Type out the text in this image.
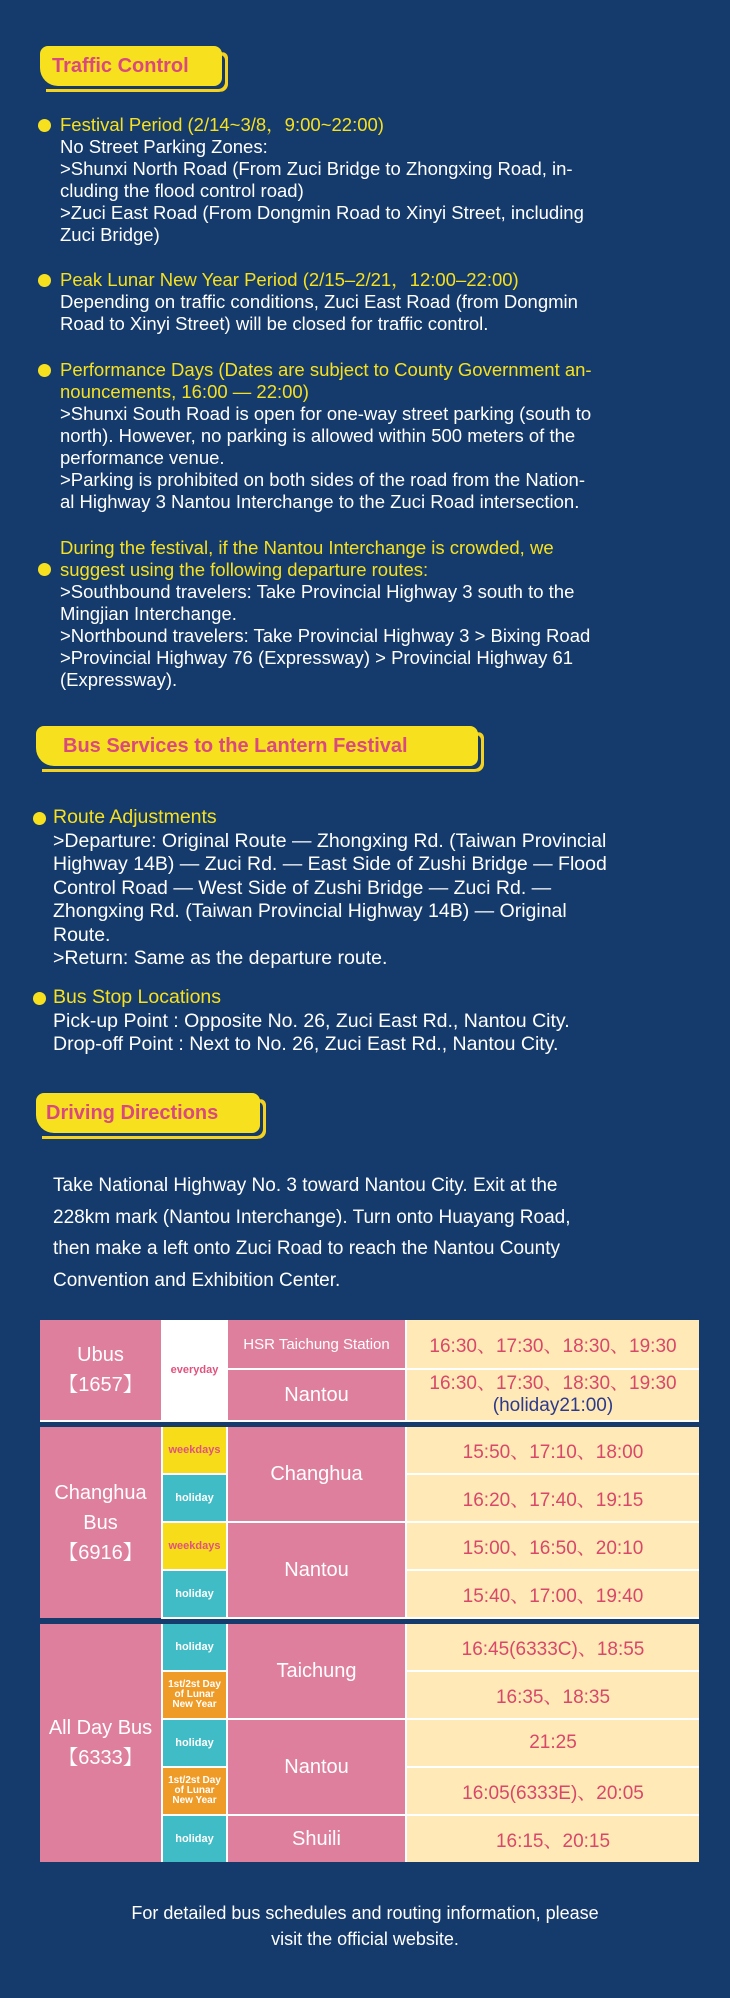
Traffic Control
Festival Period (2/14~3/8，9:00~22:00)
No Street Parking Zones:
>Shunxi North Road (From Zuci Bridge to Zhongxing Road, in-
cluding the flood control road)
>Zuci East Road (From Dongmin Road to Xinyi Street, including
Zuci Bridge)
Peak Lunar New Year Period (2/15–2/21，12:00–22:00)
Depending on traffic conditions, Zuci East Road (from Dongmin
Road to Xinyi Street) will be closed for traffic control.
Performance Days (Dates are subject to County Government an-
nouncements, 16:00 — 22:00)
>Shunxi South Road is open for one-way street parking (south to
north). However, no parking is allowed within 500 meters of the
performance venue.
>Parking is prohibited on both sides of the road from the Nation-
al Highway 3 Nantou Interchange to the Zuci Road intersection.
During the festival, if the Nantou Interchange is crowded, we
suggest using the following departure routes:
>Southbound travelers: Take Provincial Highway 3 south to the
Mingjian Interchange.
>Northbound travelers: Take Provincial Highway 3 > Bixing Road
>Provincial Highway 76 (Expressway) > Provincial Highway 61
(Expressway).
Bus Services to the Lantern Festival
Route Adjustments
>Departure: Original Route — Zhongxing Rd. (Taiwan Provincial
Highway 14B) — Zuci Rd. — East Side of Zushi Bridge — Flood
Control Road — West Side of Zushi Bridge — Zuci Rd. —
Zhongxing Rd. (Taiwan Provincial Highway 14B) — Original
Route.
>Return: Same as the departure route.
Bus Stop Locations
Pick-up Point : Opposite No. 26, Zuci East Rd., Nantou City.
Drop-off Point : Next to No. 26, Zuci East Rd., Nantou City.
Driving Directions
Take National Highway No. 3 toward Nantou City. Exit at the
228km mark (Nantou Interchange). Turn onto Huayang Road,
then make a left onto Zuci Road to reach the Nantou County
Convention and Exhibition Center.
Ubus
【1657】	everyday	HSR Taichung Station	16:30、17:30、18:30、19:30
		Nantou	16:30、17:30、18:30、19:30
(holiday21:00)

Changhua
Bus
【6916】	weekdays	Changhua	15:50、17:10、18:00
	holiday		16:20、17:40、19:15
	weekdays	Nantou	15:00、16:50、20:10
	holiday		15:40、17:00、19:40

All Day Bus
【6333】	holiday	Taichung	16:45(6333C)、18:55
	1st/2st Day of Lunar New Year		16:35、18:35
	holiday	Nantou	21:25
	1st/2st Day of Lunar New Year		16:05(6333E)、20:05
	holiday	Shuili	16:15、20:15
For detailed bus schedules and routing information, please
visit the official website.
